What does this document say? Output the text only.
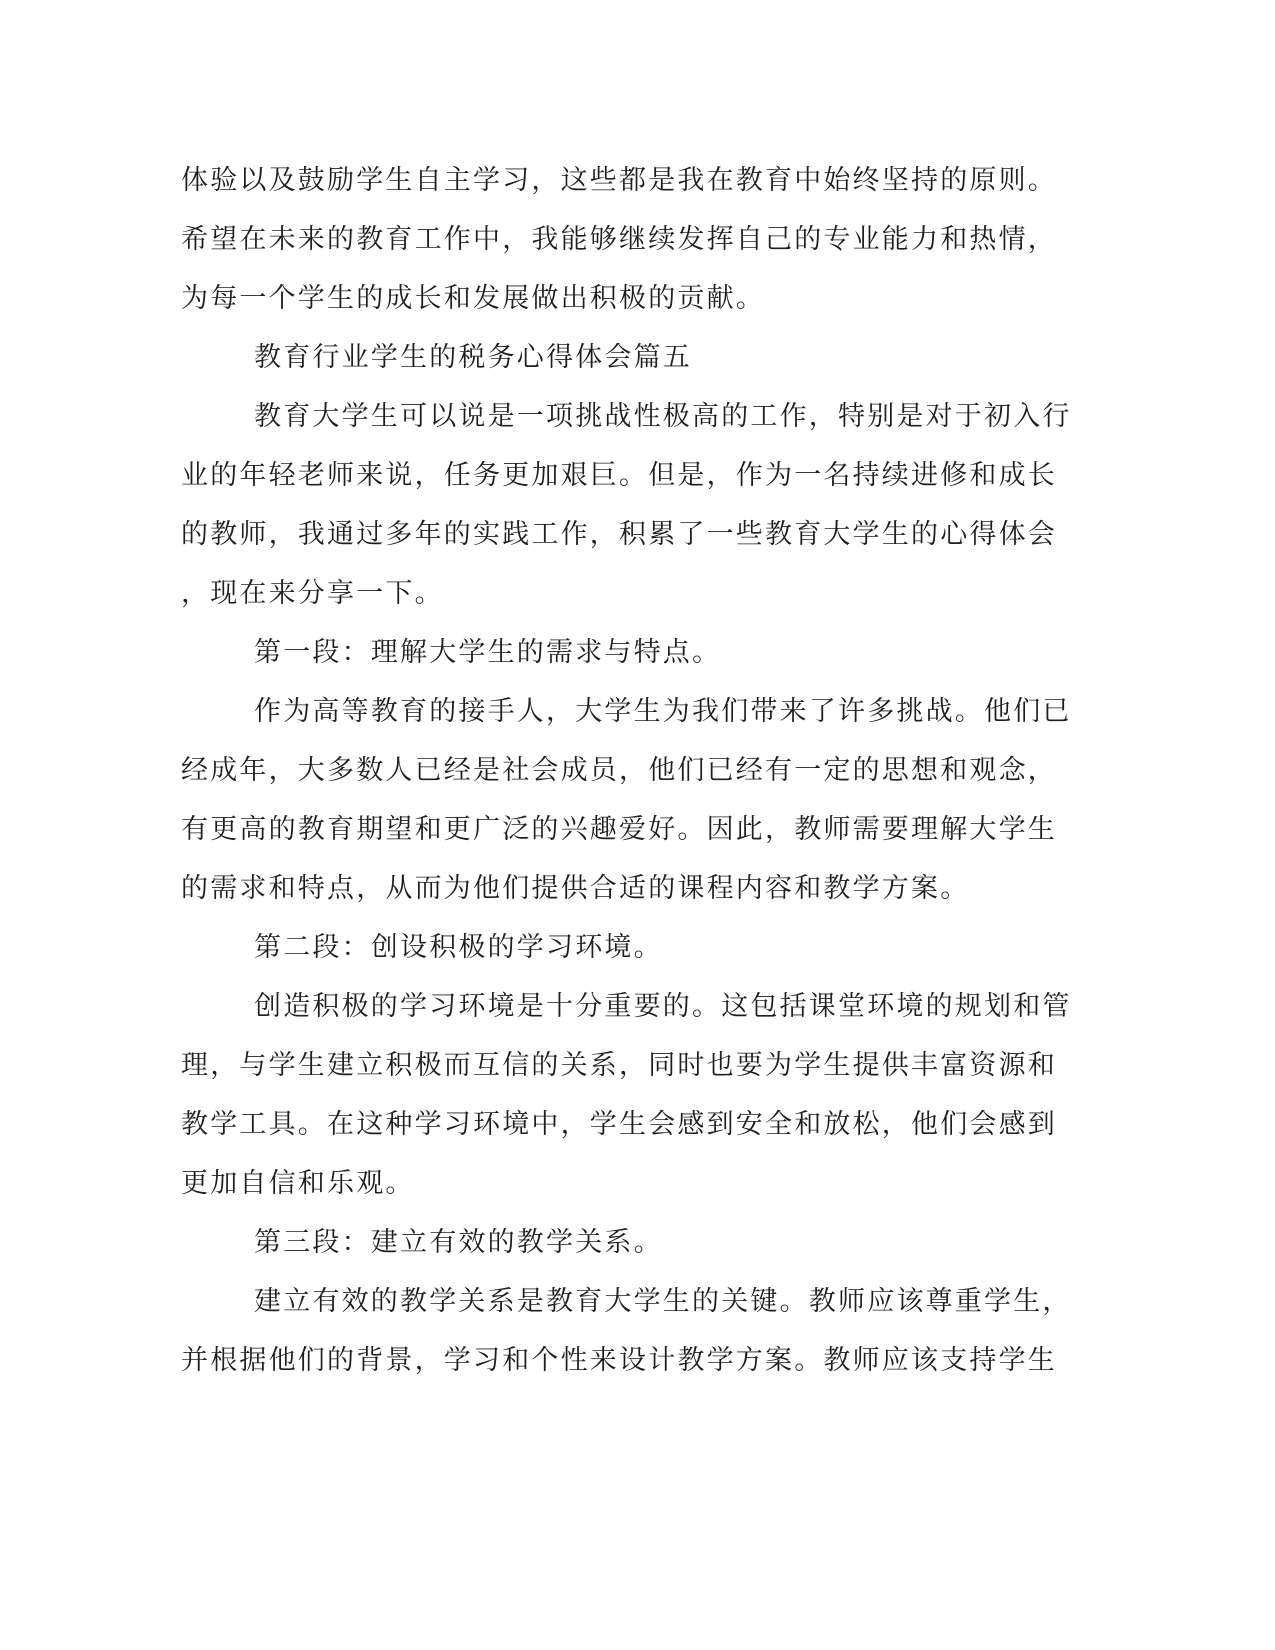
体验以及鼓励学生自主学习，这些都是我在教育中始终坚持的原则。
希望在未来的教育工作中，我能够继续发挥自己的专业能力和热情，
为每一个学生的成长和发展做出积极的贡献。
教育行业学生的税务心得体会篇五
教育大学生可以说是一项挑战性极高的工作，特别是对于初入行
业的年轻老师来说，任务更加艰巨。但是，作为一名持续进修和成长
的教师，我通过多年的实践工作，积累了一些教育大学生的心得体会
，现在来分享一下。
第一段：理解大学生的需求与特点。
作为高等教育的接手人，大学生为我们带来了许多挑战。他们已
经成年，大多数人已经是社会成员，他们已经有一定的思想和观念，
有更高的教育期望和更广泛的兴趣爱好。因此，教师需要理解大学生
的需求和特点，从而为他们提供合适的课程内容和教学方案。
第二段：创设积极的学习环境。
创造积极的学习环境是十分重要的。这包括课堂环境的规划和管
理，与学生建立积极而互信的关系，同时也要为学生提供丰富资源和
教学工具。在这种学习环境中，学生会感到安全和放松，他们会感到
更加自信和乐观。
第三段：建立有效的教学关系。
建立有效的教学关系是教育大学生的关键。教师应该尊重学生，
并根据他们的背景，学习和个性来设计教学方案。教师应该支持学生
